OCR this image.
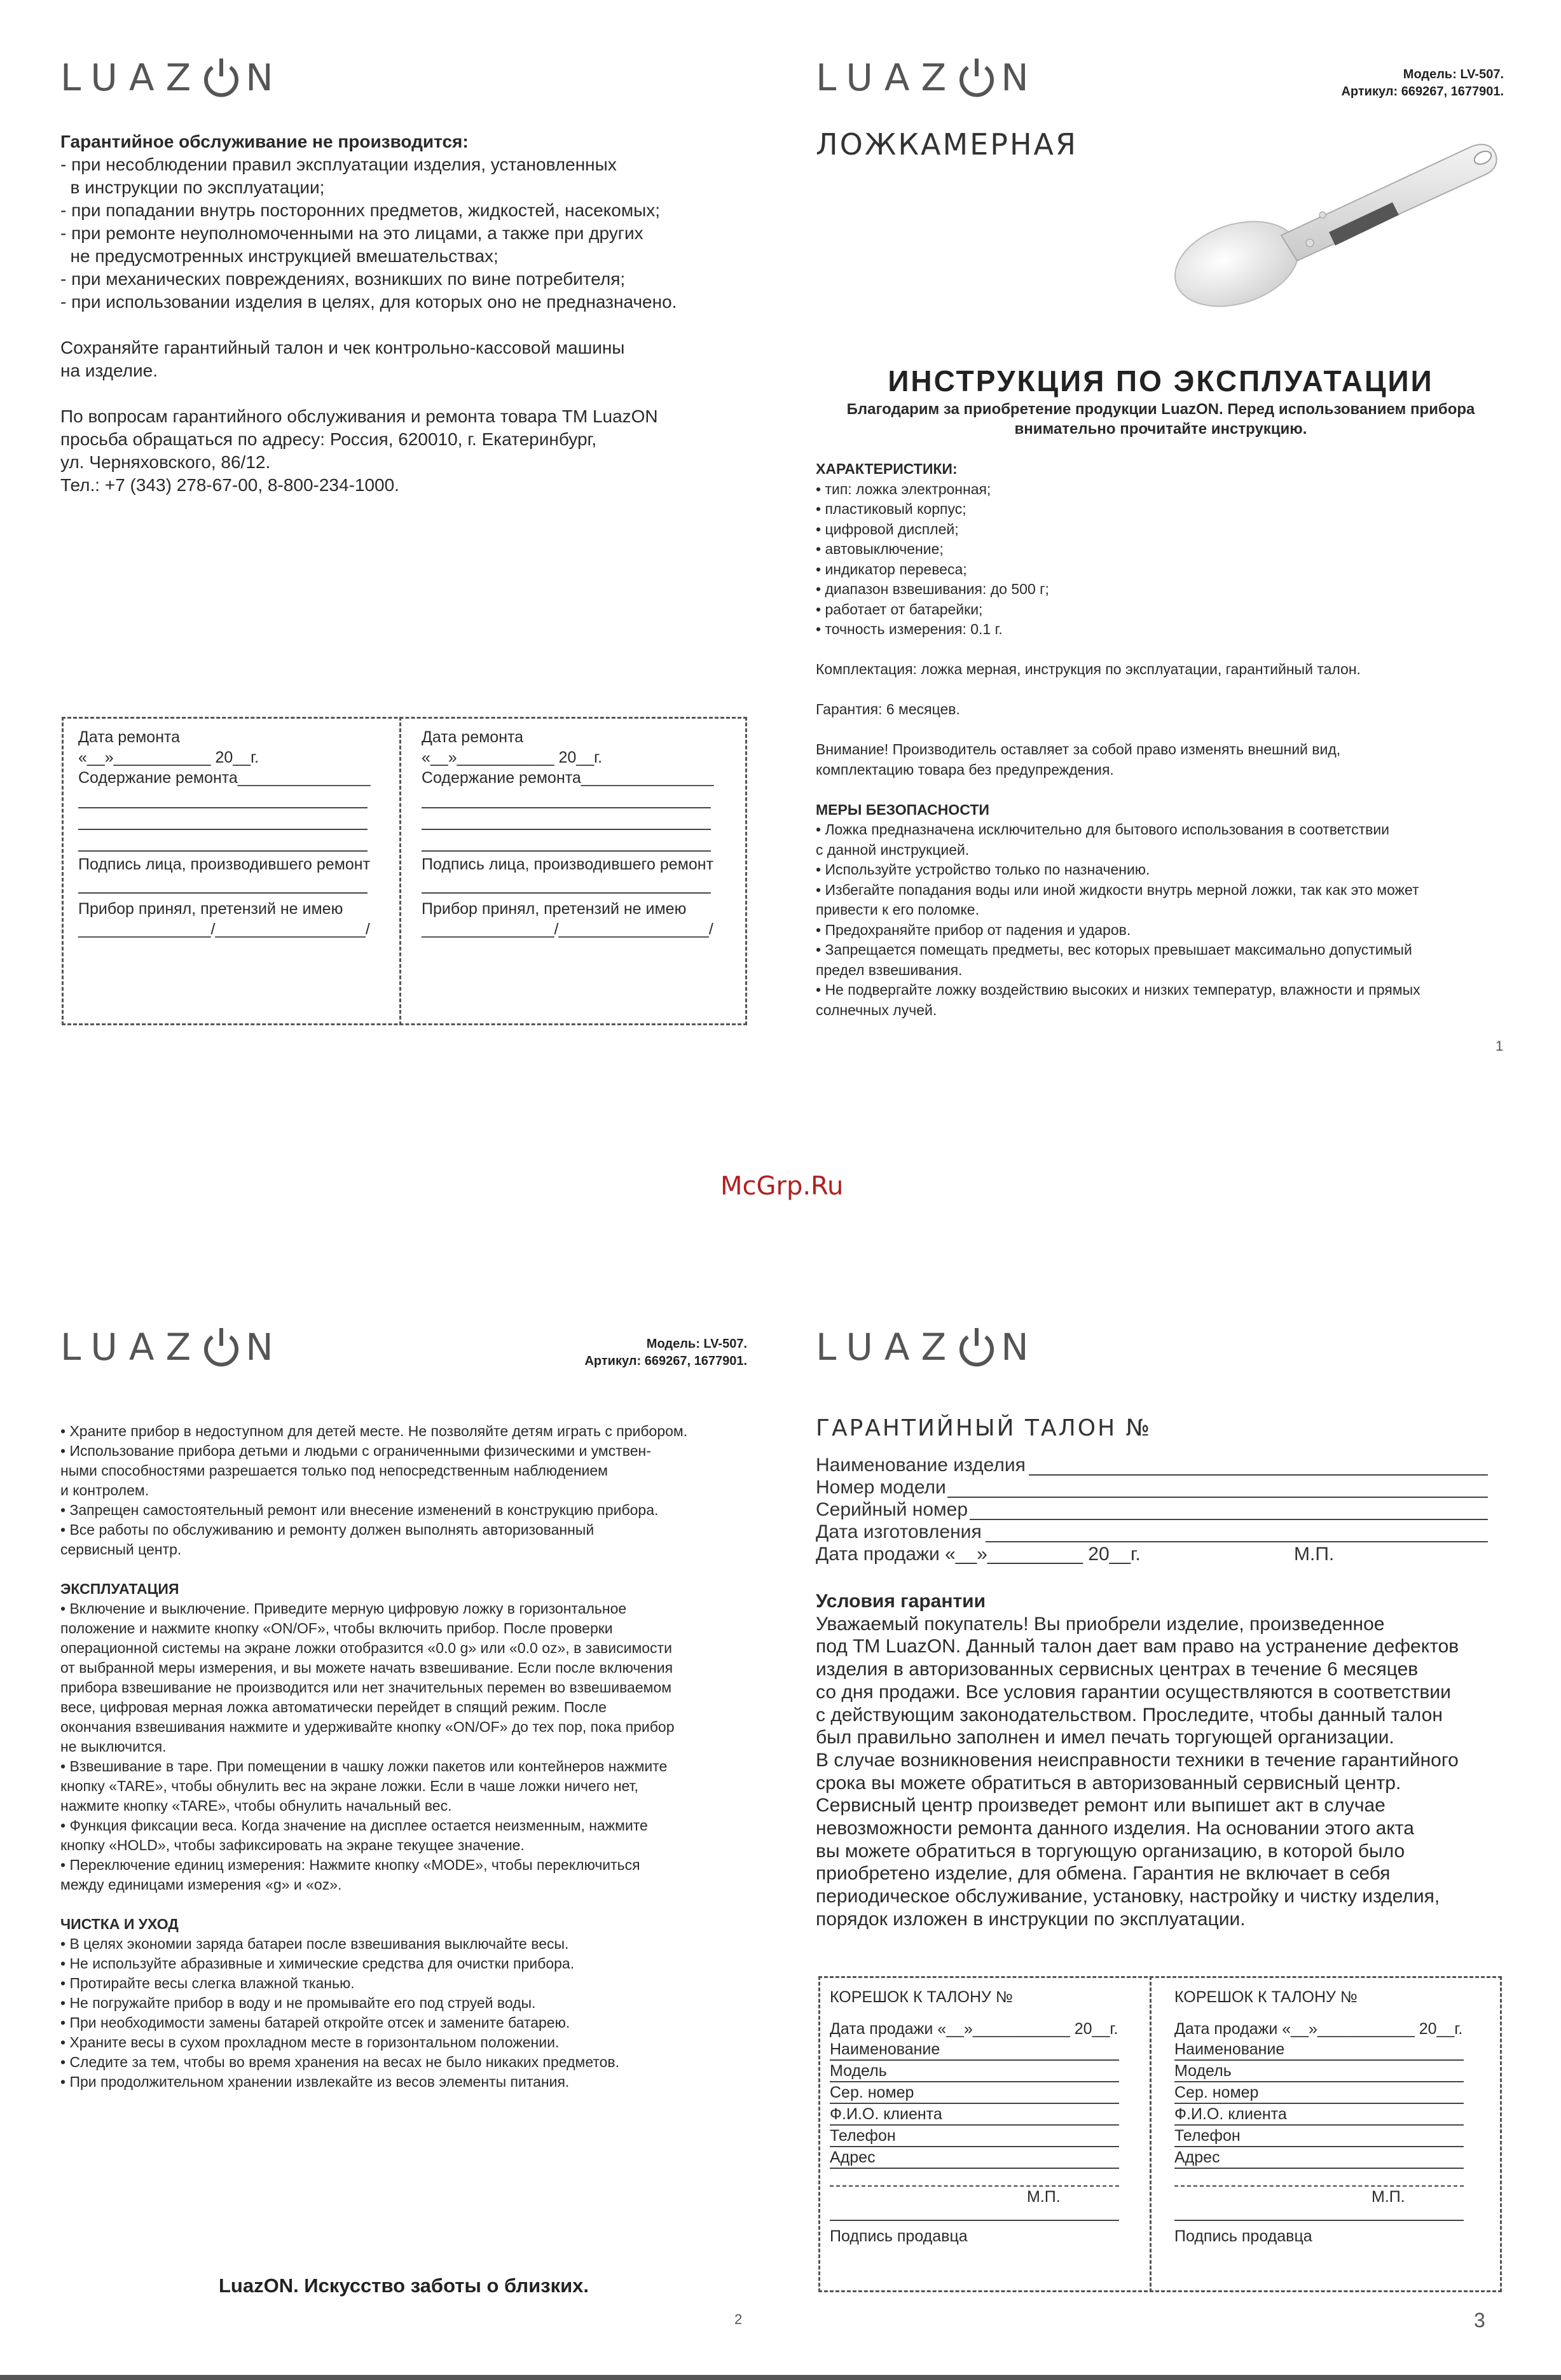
LUAZ N	LUAZ N
LUAZ N	LUAZ N

Гарантийное обслуживание не производится:

- при несоблюдении правил эксплуатации изделия, установленных

в инструкции по эксплуатации;

- при попадании внутрь посторонних предметов, жидкостей, насекомых;

- при ремонте неуполномоченными на это лицами, а также при других

не предусмотренных инструкцией вмешательствах;

- при механических повреждениях, возникших по вине потребителя;

- при использовании изделия в целях, для которых оно не предназначено.

Сохраняйте гарантийный талон и чек контрольно-кассовой машины

на изделие.

По вопросам гарантийного обслуживания и ремонта товара ТМ LuazON

просьба обращаться по адресу: Россия, 620010, г. Екатеринбург,

ул. Черняховского, 86/12.

Тел.: +7 (343) 278-67-00, 8-800-234-1000.

Дата ремонта

«__»___________ 20__г.

Содержание ремонта_______________

Подпись лица, производившего ремонт

Прибор принял, претензий не имею

_______________/_________________/

Дата ремонта

«__»___________ 20__г.

Содержание ремонта_______________

Подпись лица, производившего ремонт

Прибор принял, претензий не имею

_______________/_________________/

Модель: LV-507.
Артикул: 669267, 1677901.
ЛОЖКАМЕРНАЯ
ИНСТРУКЦИЯ ПО ЭКСПЛУАТАЦИИ

Благодарим за приобретение продукции LuazON. Перед использованием прибора

внимательно прочитайте инструкцию.

ХАРАКТЕРИСТИКИ:

• тип: ложка электронная;

• пластиковый корпус;

• цифровой дисплей;

• автовыключение;

• индикатор перевеса;

• диапазон взвешивания: до 500 г;

• работает от батарейки;

• точность измерения: 0.1 г.

Комплектация: ложка мерная, инструкция по эксплуатации, гарантийный талон.

Гарантия: 6 месяцев.

Внимание! Производитель оставляет за собой право изменять внешний вид,

комплектацию товара без предупреждения.

МЕРЫ БЕЗОПАСНОСТИ

• Ложка предназначена исключительно для бытового использования в соответствии

с данной инструкцией.

• Используйте устройство только по назначению.

• Избегайте попадания воды или иной жидкости внутрь мерной ложки, так как это может

привести к его поломке.

• Предохраняйте прибор от падения и ударов.

• Запрещается помещать предметы, вес которых превышает максимально допустимый

предел взвешивания.

• Не подвергайте ложку воздействию высоких и низких температур, влажности и прямых

солнечных лучей.

1
McGrp.Ru
Модель: LV-507.
Артикул: 669267, 1677901.

• Храните прибор в недоступном для детей месте. Не позволяйте детям играть с прибором.

• Использование прибора детьми и людьми с ограниченными физическими и умствен-

ными способностями разрешается только под непосредственным наблюдением

и контролем.

• Запрещен самостоятельный ремонт или внесение изменений в конструкцию прибора.

• Все работы по обслуживанию и ремонту должен выполнять авторизованный

сервисный центр.

ЭКСПЛУАТАЦИЯ

• Включение и выключение. Приведите мерную цифровую ложку в горизонтальное

положение и нажмите кнопку «ON/OF», чтобы включить прибор. После проверки

операционной системы на экране ложки отобразится «0.0 g» или «0.0 oz», в зависимости

от выбранной меры измерения, и вы можете начать взвешивание. Если после включения

прибора взвешивание не производится или нет значительных перемен во взвешиваемом

весе, цифровая мерная ложка автоматически перейдет в спящий режим. После

окончания взвешивания нажмите и удерживайте кнопку «ON/OF» до тех пор, пока прибор

не выключится.

• Взвешивание в таре. При помещении в чашку ложки пакетов или контейнеров нажмите

кнопку «TARE», чтобы обнулить вес на экране ложки. Если в чаше ложки ничего нет,

нажмите кнопку «TARE», чтобы обнулить начальный вес.

• Функция фиксации веса. Когда значение на дисплее остается неизменным, нажмите

кнопку «HOLD», чтобы зафиксировать на экране текущее значение.

• Переключение единиц измерения: Нажмите кнопку «MODE», чтобы переключиться

между единицами измерения «g» и «oz».

ЧИСТКА И УХОД

• В целях экономии заряда батареи после взвешивания выключайте весы.

• Не используйте абразивные и химические средства для очистки прибора.

• Протирайте весы слегка влажной тканью.

• Не погружайте прибор в воду и не промывайте его под струей воды.

• При необходимости замены батарей откройте отсек и замените батарею.

• Храните весы в сухом прохладном месте в горизонтальном положении.

• Следите за тем, чтобы во время хранения на весах не было никаких предметов.

• При продолжительном хранении извлекайте из весов элементы питания.

LuazON. Искусство заботы о близких.
2
ГАРАНТИЙНЫЙ ТАЛОН №
Наименование изделия
Номер модели
Серийный номер
Дата изготовления
Дата продажи «__»_________ 20__г.	М.П.

Условия гарантии

Уважаемый покупатель! Вы приобрели изделие, произведенное

под ТМ LuazON. Данный талон дает вам право на устранение дефектов

изделия в авторизованных сервисных центрах в течение 6 месяцев

со дня продажи. Все условия гарантии осуществляются в соответствии

с действующим законодательством. Проследите, чтобы данный талон

был правильно заполнен и имел печать торгующей организации.

В случае возникновения неисправности техники в течение гарантийного

срока вы можете обратиться в авторизованный сервисный центр.

Сервисный центр произведет ремонт или выпишет акт в случае

невозможности ремонта данного изделия. На основании этого акта

вы можете обратиться в торгующую организацию, в которой было

приобретено изделие, для обмена. Гарантия не включает в себя

периодическое обслуживание, установку, настройку и чистку изделия,

порядок изложен в инструкции по эксплуатации.

КОРЕШОК К ТАЛОНУ №

Дата продажи «__»___________ 20__г.

Наименование

Модель

Сер. номер

Ф.И.О. клиента

Телефон

Адрес

М.П.

Подпись продавца

КОРЕШОК К ТАЛОНУ №

Дата продажи «__»___________ 20__г.

Наименование

Модель

Сер. номер

Ф.И.О. клиента

Телефон

Адрес

М.П.

Подпись продавца

3
